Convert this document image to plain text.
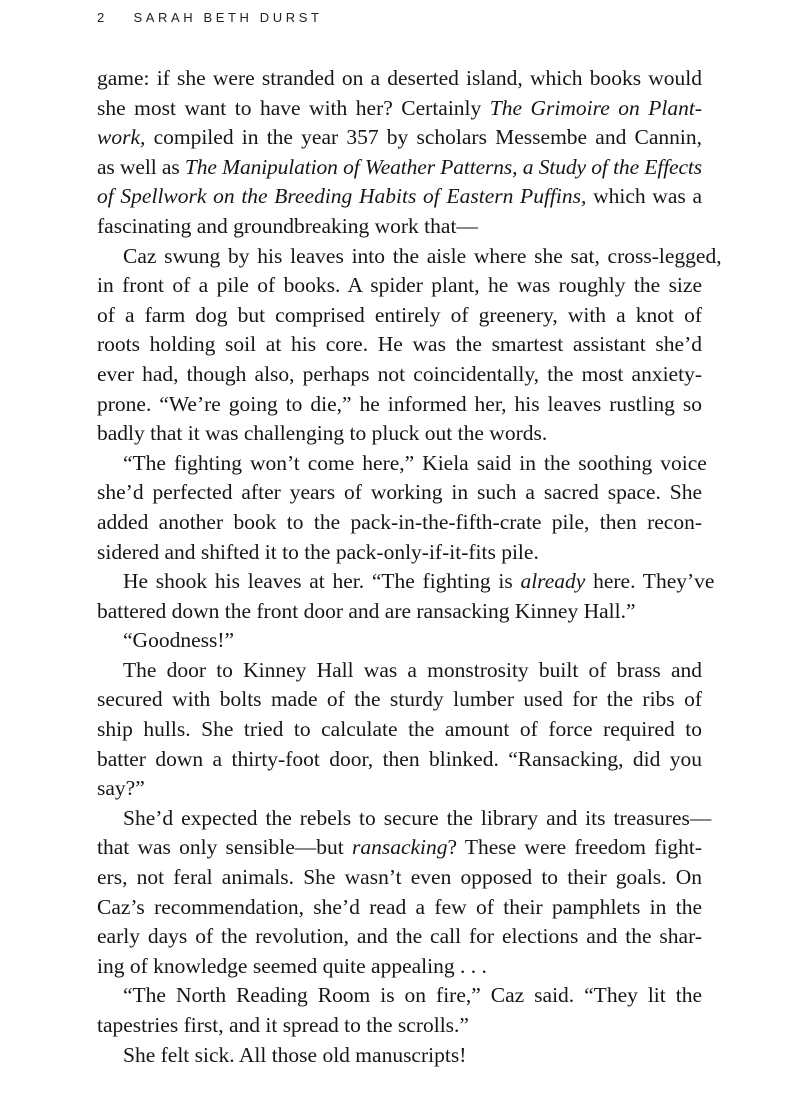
2 SARAH BETH DURST
game: if she were stranded on a deserted island, which books would
she most want to have with her? Certainly The Grimoire on Plant-
work, compiled in the year 357 by scholars Messembe and Cannin,
as well as The Manipulation of Weather Patterns, a Study of the Effects
of Spellwork on the Breeding Habits of Eastern Puffins, which was a
fascinating and groundbreaking work that—
Caz swung by his leaves into the aisle where she sat, cross-legged,
in front of a pile of books. A spider plant, he was roughly the size
of a farm dog but comprised entirely of greenery, with a knot of
roots holding soil at his core. He was the smartest assistant she’d
ever had, though also, perhaps not coincidentally, the most anxiety-
prone. “We’re going to die,” he informed her, his leaves rustling so
badly that it was challenging to pluck out the words.
“The fighting won’t come here,” Kiela said in the soothing voice
she’d perfected after years of working in such a sacred space. She
added another book to the pack-in-the-fifth-crate pile, then recon-
sidered and shifted it to the pack-only-if-it-fits pile.
He shook his leaves at her. “The fighting is already here. They’ve
battered down the front door and are ransacking Kinney Hall.”
“Goodness!”
The door to Kinney Hall was a monstrosity built of brass and
secured with bolts made of the sturdy lumber used for the ribs of
ship hulls. She tried to calculate the amount of force required to
batter down a thirty-foot door, then blinked. “Ransacking, did you
say?”
She’d expected the rebels to secure the library and its treasures—
that was only sensible—but ransacking? These were freedom fight-
ers, not feral animals. She wasn’t even opposed to their goals. On
Caz’s recommendation, she’d read a few of their pamphlets in the
early days of the revolution, and the call for elections and the shar-
ing of knowledge seemed quite appealing . . .
“The North Reading Room is on fire,” Caz said. “They lit the
tapestries first, and it spread to the scrolls.”
She felt sick. All those old manuscripts!
